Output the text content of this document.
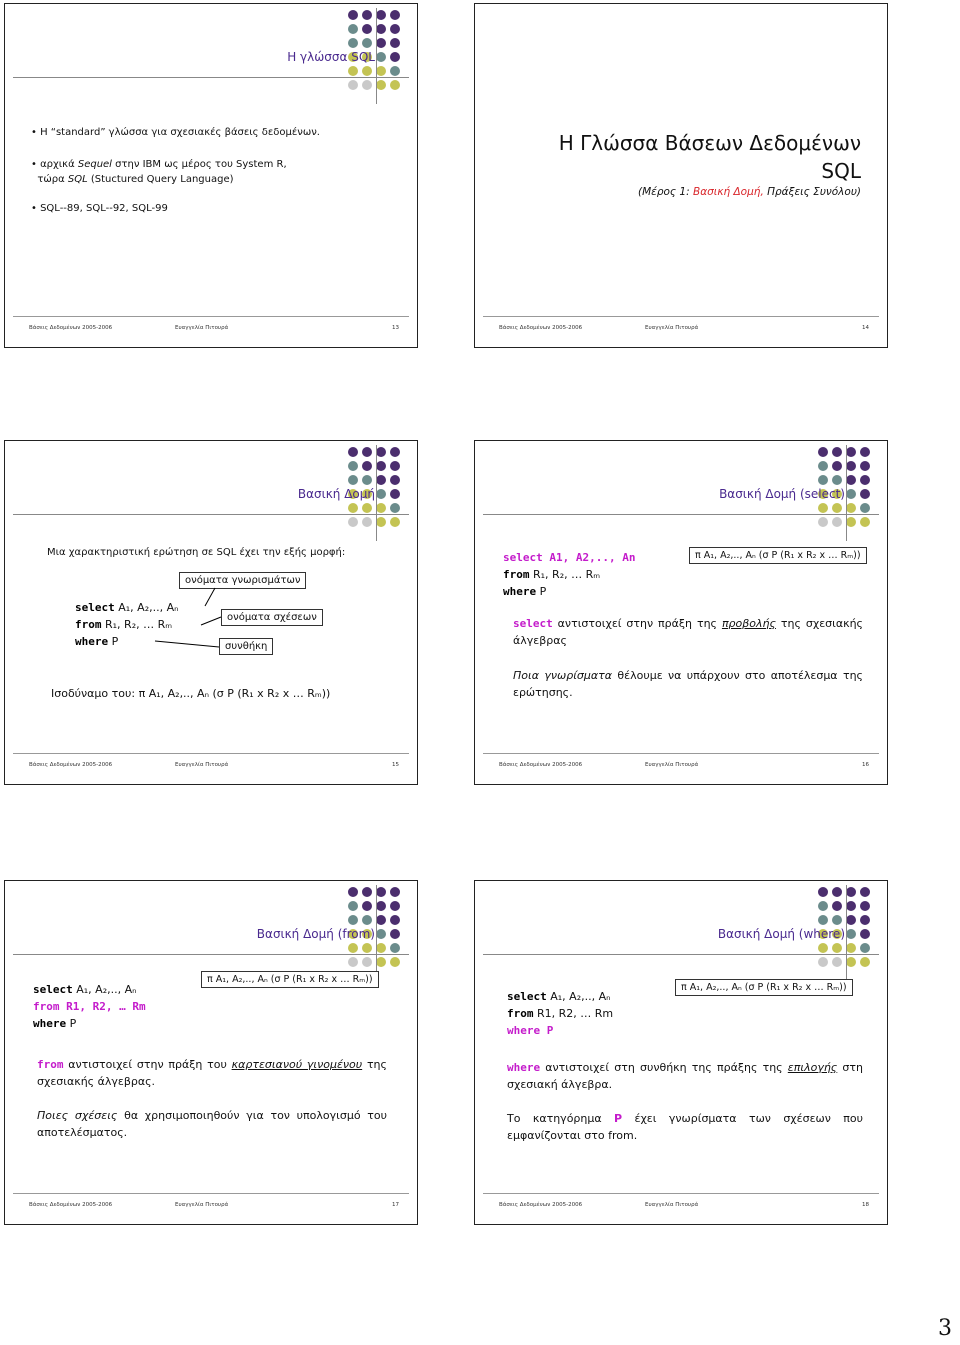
Η γλώσσα SQL
• Η “standard” γλώσσα για σχεσιακές βάσεις δεδομένων.
• αρχικά Sequel στην IBM ως μέρος του System R,
τώρα SQL (Stuctured Query Language)
• SQL--89, SQL--92, SQL-99
Βάσεις Δεδομένων 2005-2006	Ευαγγελία Πιτουρά	13
Η Γλώσσα Βάσεων Δεδομένων
SQL
(Μέρος 1: Βασική Δομή, Πράξεις Συνόλου)
Βάσεις Δεδομένων 2005-2006	Ευαγγελία Πιτουρά	14
Βασική Δομή
Μια χαρακτηριστική ερώτηση σε SQL έχει την εξής μορφή:
ονόματα γνωρισμάτων
ονόματα σχέσεων
συνθήκη
select A₁, A₂,.., Aₙ
from R₁, R₂, … Rₘ
where P
Ισοδύναμο του: π A₁, A₂,.., Aₙ (σ P (R₁ x R₂ x … Rₘ))
Βάσεις Δεδομένων 2005-2006	Ευαγγελία Πιτουρά	15
Βασική Δομή (select)
select A1, A2,.., An
from R₁, R₂, … Rₘ
where P
π A₁, A₂,.., Aₙ (σ P (R₁ x R₂ x … Rₘ))
select αντιστοιχεί στην πράξη της προβολής της σχεσιακής άλγεβρας
Ποια γνωρίσματα θέλουμε να υπάρχουν στο αποτέλεσμα της ερώτησης.
Βάσεις Δεδομένων 2005-2006	Ευαγγελία Πιτουρά	16
Βασική Δομή (from)
select A₁, A₂,.., Aₙ
from R1, R2, … Rm
where P
π A₁, A₂,.., Aₙ (σ P (R₁ x R₂ x … Rₘ))
from αντιστοιχεί στην πράξη του καρτεσιανού γινομένου της σχεσιακής άλγεβρας.
Ποιες σχέσεις θα χρησιμοποιηθούν για τον υπολογισμό του αποτελέσματος.
Βάσεις Δεδομένων 2005-2006	Ευαγγελία Πιτουρά	17
Βασική Δομή (where)
select A₁, A₂,.., Aₙ
from R1, R2, … Rm
where P
π A₁, A₂,.., Aₙ (σ P (R₁ x R₂ x … Rₘ))
where αντιστοιχεί στη συνθήκη της πράξης της επιλογής στη σχεσιακή άλγεβρα.
Το κατηγόρημα P έχει γνωρίσματα των σχέσεων που εμφανίζονται στο from.
Βάσεις Δεδομένων 2005-2006	Ευαγγελία Πιτουρά	18
3
